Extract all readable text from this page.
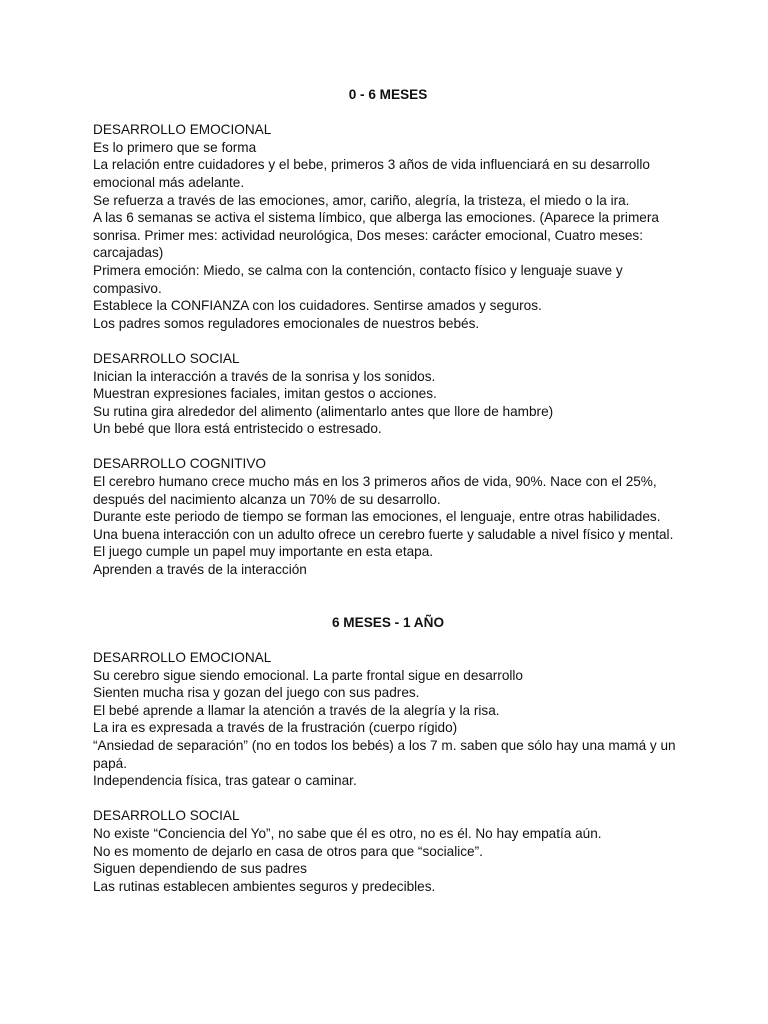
0 - 6 MESES

DESARROLLO EMOCIONAL

Es lo primero que se forma

La relación entre cuidadores y el bebe, primeros 3 años de vida influenciará en su desarrollo emocional más adelante.

Se refuerza a través de las emociones, amor, cariño, alegría, la tristeza, el miedo o la ira.

A las 6 semanas se activa el sistema límbico, que alberga las emociones. (Aparece la primera sonrisa. Primer mes: actividad neurológica, Dos meses: carácter emocional, Cuatro meses: carcajadas)

Primera emoción: Miedo, se calma con la contención, contacto físico y lenguaje suave y compasivo.

Establece la CONFIANZA con los cuidadores. Sentirse amados y seguros.

Los padres somos reguladores emocionales de nuestros bebés.

DESARROLLO SOCIAL

Inician la interacción a través de la sonrisa y los sonidos.

Muestran expresiones faciales, imitan gestos o acciones.

Su rutina gira alrededor del alimento (alimentarlo antes que llore de hambre)

Un bebé que llora está entristecido o estresado.

DESARROLLO COGNITIVO

El cerebro humano crece mucho más en los 3 primeros años de vida, 90%. Nace con el 25%, después del nacimiento alcanza un 70% de su desarrollo.

Durante este periodo de tiempo se forman las emociones, el lenguaje, entre otras habilidades.

Una buena interacción con un adulto ofrece un cerebro fuerte y saludable a nivel físico y mental.

El juego cumple un papel muy importante en esta etapa.

Aprenden a través de la interacción

6 MESES - 1 AÑO

DESARROLLO EMOCIONAL

Su cerebro sigue siendo emocional. La parte frontal sigue en desarrollo

Sienten mucha risa y gozan del juego con sus padres.

El bebé aprende a llamar la atención a través de la alegría y la risa.

La ira es expresada a través de la frustración (cuerpo rígido)

“Ansiedad de separación” (no en todos los bebés) a los 7 m. saben que sólo hay una mamá y un papá.

Independencia física, tras gatear o caminar.

DESARROLLO SOCIAL

No existe “Conciencia del Yo”, no sabe que él es otro, no es él. No hay empatía aún.

No es momento de dejarlo en casa de otros para que “socialice”.

Siguen dependiendo de sus padres

Las rutinas establecen ambientes seguros y predecibles.
